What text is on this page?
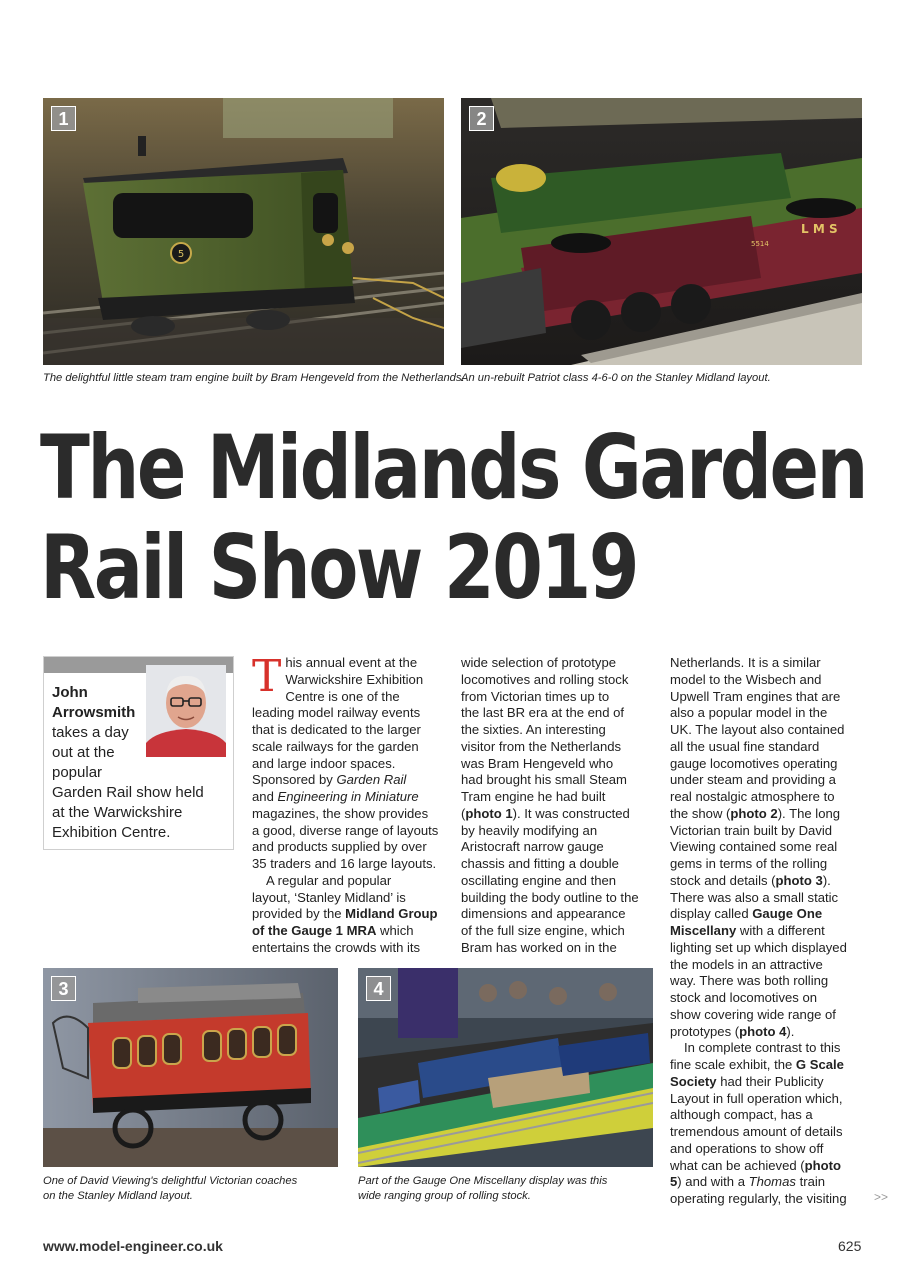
5
1
The delightful little steam tram engine built by Bram Hengeveld from the Netherlands.
L M S
5514
2
An un-rebuilt Patriot class 4-6-0 on the Stanley Midland layout.
The Midlands Garden
Rail Show 2019
John
Arrowsmith
takes a day
out at the
popular
Garden Rail show held
at the Warwickshire
Exhibition Centre.
T his annual event at the
Warwickshire Exhibition
Centre is one of the
leading model railway events
that is dedicated to the larger
scale railways for the garden
and large indoor spaces.
Sponsored by Garden Rail
and Engineering in Miniature
magazines, the show provides
a good, diverse range of layouts
and products supplied by over
35 traders and 16 large layouts.
A regular and popular
layout, ‘Stanley Midland’ is
provided by the Midland Group
of the Gauge 1 MRA which
entertains the crowds with its
wide selection of prototype
locomotives and rolling stock
from Victorian times up to
the last BR era at the end of
the sixties. An interesting
visitor from the Netherlands
was Bram Hengeveld who
had brought his small Steam
Tram engine he had built
(photo 1). It was constructed
by heavily modifying an
Aristocraft narrow gauge
chassis and fitting a double
oscillating engine and then
building the body outline to the
dimensions and appearance
of the full size engine, which
Bram has worked on in the
Netherlands. It is a similar
model to the Wisbech and
Upwell Tram engines that are
also a popular model in the
UK. The layout also contained
all the usual fine standard
gauge locomotives operating
under steam and providing a
real nostalgic atmosphere to
the show (photo 2). The long
Victorian train built by David
Viewing contained some real
gems in terms of the rolling
stock and details (photo 3).
There was also a small static
display called Gauge One
Miscellany with a different
lighting set up which displayed
the models in an attractive
way. There was both rolling
stock and locomotives on
show covering wide range of
prototypes (photo 4).
In complete contrast to this
fine scale exhibit, the G Scale
Society had their Publicity
Layout in full operation which,
although compact, has a
tremendous amount of details
and operations to show off
what can be achieved (photo
5) and with a Thomas train
operating regularly, the visiting
3
One of David Viewing's delightful Victorian coaches
on the Stanley Midland layout.
4
Part of the Gauge One Miscellany display was this
wide ranging group of rolling stock.	>>
www.model-engineer.co.uk	625
